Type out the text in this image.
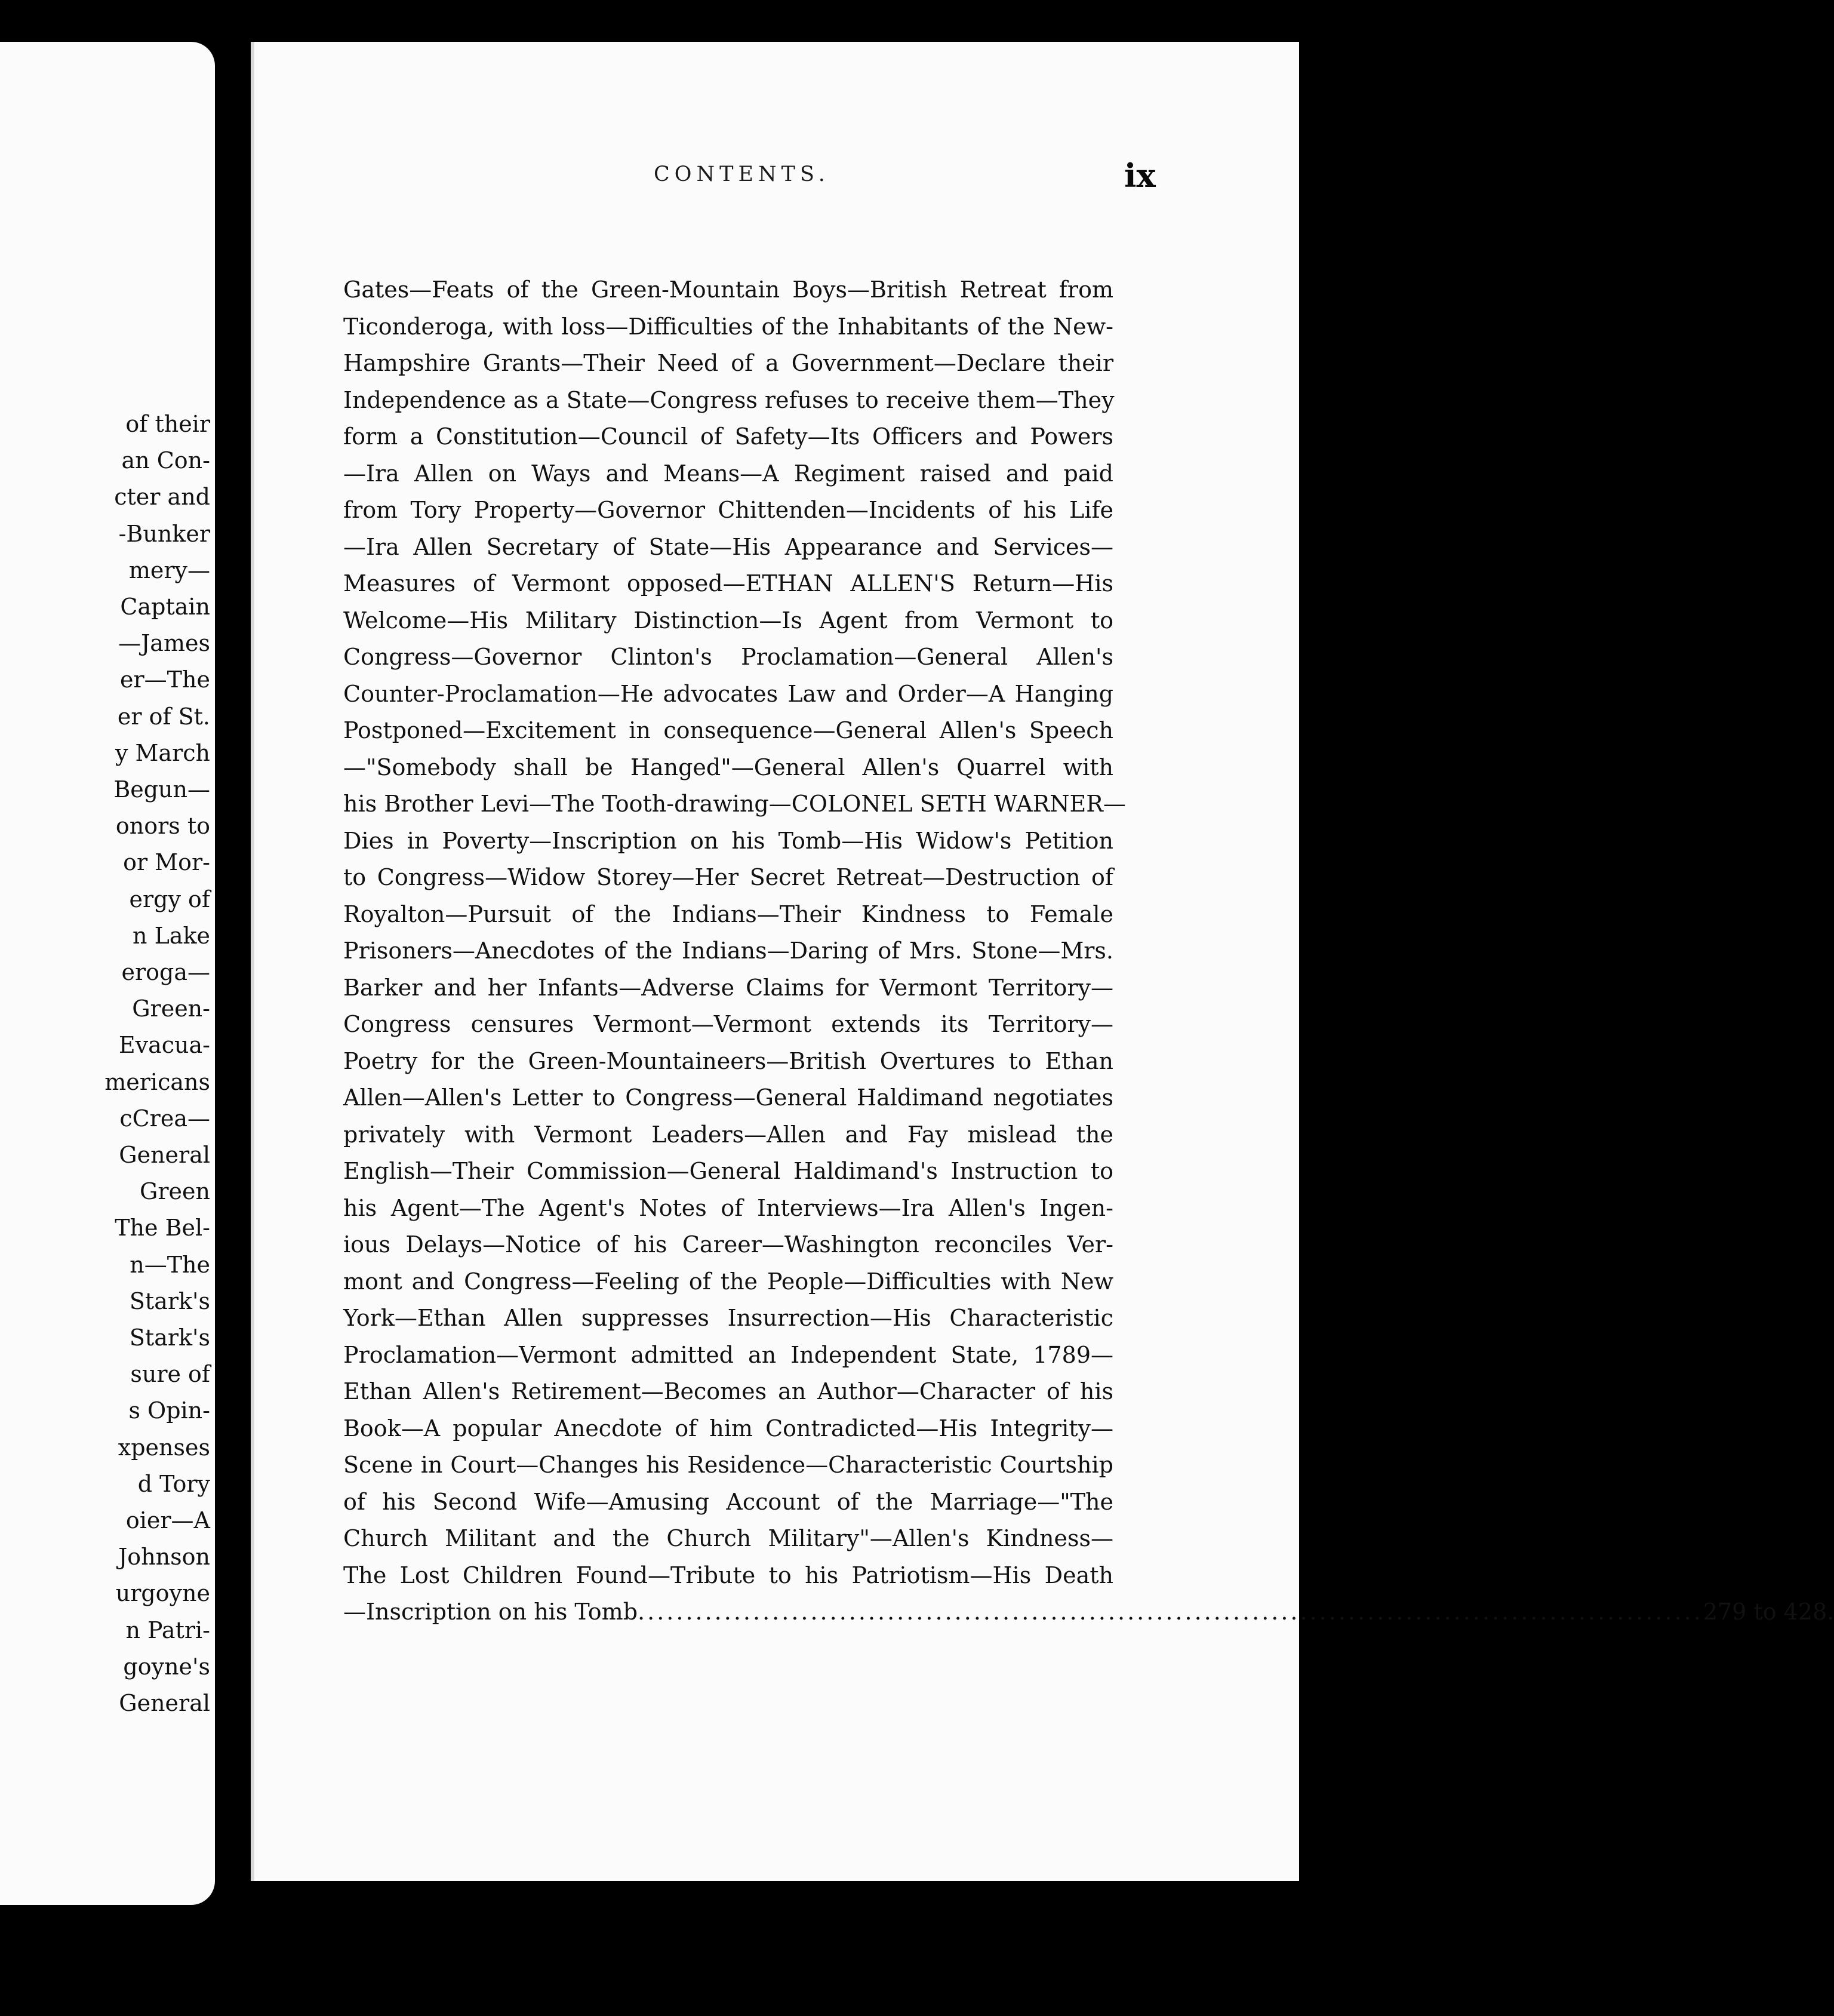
of their
an Con-
cter and
-Bunker
mery—
Captain
—James
er—The
er of St.
y March
Begun—
onors to
or Mor-
ergy of
n Lake
eroga—
Green-
Evacua-
mericans
cCrea—
General
Green
The Bel-
n—The
Stark's
Stark's
sure of
s Opin-
xpenses
d Tory
oier—A
Johnson
urgoyne
n Patri-
goyne's
General
CONTENTS.	ix
Gates—Feats of the Green-Mountain Boys—British Retreat from
Ticonderoga, with loss—Difficulties of the Inhabitants of the New-
Hampshire Grants—Their Need of a Government—Declare their
Independence as a State—Congress refuses to receive them—They
form a Constitution—Council of Safety—Its Officers and Powers
—Ira Allen on Ways and Means—A Regiment raised and paid
from Tory Property—Governor Chittenden—Incidents of his Life
—Ira Allen Secretary of State—His Appearance and Services—
Measures of Vermont opposed—ETHAN ALLEN'S Return—His
Welcome—His Military Distinction—Is Agent from Vermont to
Congress—Governor Clinton's Proclamation—General Allen's
Counter-Proclamation—He advocates Law and Order—A Hanging
Postponed—Excitement in consequence—General Allen's Speech
—"Somebody shall be Hanged"—General Allen's Quarrel with
his Brother Levi—The Tooth-drawing—COLONEL SETH WARNER—
Dies in Poverty—Inscription on his Tomb—His Widow's Petition
to Congress—Widow Storey—Her Secret Retreat—Destruction of
Royalton—Pursuit of the Indians—Their Kindness to Female
Prisoners—Anecdotes of the Indians—Daring of Mrs. Stone—Mrs.
Barker and her Infants—Adverse Claims for Vermont Territory—
Congress censures Vermont—Vermont extends its Territory—
Poetry for the Green-Mountaineers—British Overtures to Ethan
Allen—Allen's Letter to Congress—General Haldimand negotiates
privately with Vermont Leaders—Allen and Fay mislead the
English—Their Commission—General Haldimand's Instruction to
his Agent—The Agent's Notes of Interviews—Ira Allen's Ingen-
ious Delays—Notice of his Career—Washington reconciles Ver-
mont and Congress—Feeling of the People—Difficulties with New
York—Ethan Allen suppresses Insurrection—His Characteristic
Proclamation—Vermont admitted an Independent State, 1789—
Ethan Allen's Retirement—Becomes an Author—Character of his
Book—A popular Anecdote of him Contradicted—His Integrity—
Scene in Court—Changes his Residence—Characteristic Courtship
of his Second Wife—Amusing Account of the Marriage—"The
Church Militant and the Church Military"—Allen's Kindness—
The Lost Children Found—Tribute to his Patriotism—His Death
—Inscription on his Tomb ............................................................................................................... 279 to 428.
